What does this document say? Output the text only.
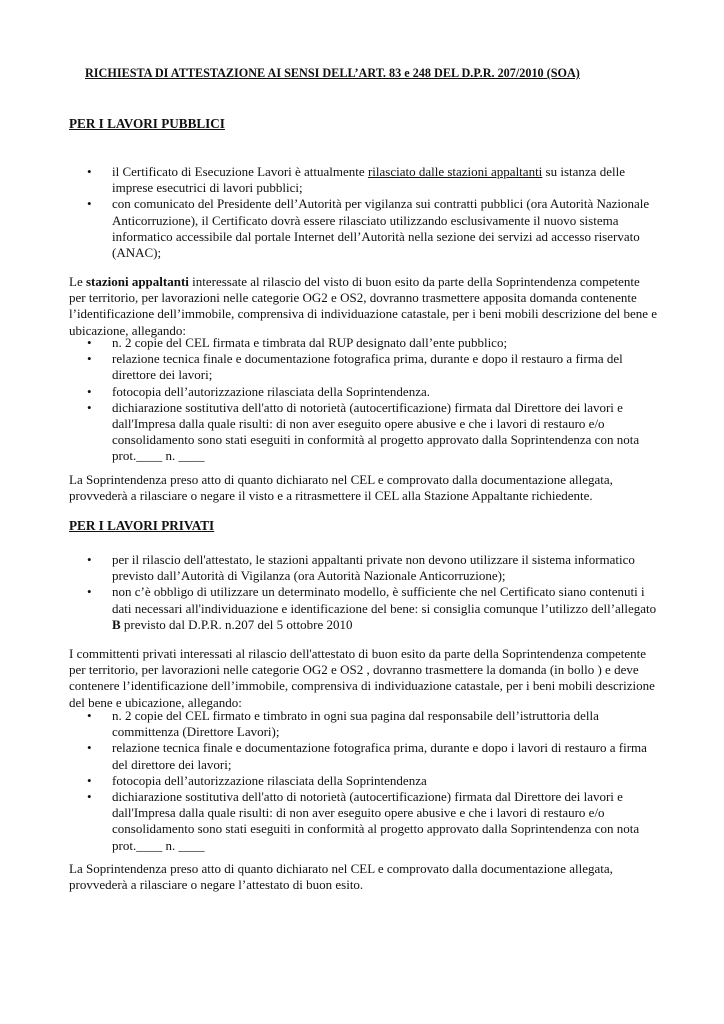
RICHIESTA DI ATTESTAZIONE AI SENSI DELL’ART. 83 e 248 DEL D.P.R. 207/2010 (SOA)
PER I LAVORI PUBBLICI
• il Certificato di Esecuzione Lavori è attualmente rilasciato dalle stazioni appaltanti su istanza delle imprese esecutrici di lavori pubblici;
• con comunicato del Presidente dell’Autorità per vigilanza sui contratti pubblici (ora Autorità Nazionale Anticorruzione), il Certificato dovrà essere rilasciato utilizzando esclusivamente il nuovo sistema informatico accessibile dal portale Internet dell’Autorità nella sezione dei servizi ad accesso riservato (ANAC);
Le stazioni appaltanti interessate al rilascio del visto di buon esito da parte della Soprintendenza competente per territorio, per lavorazioni nelle categorie OG2 e OS2, dovranno trasmettere apposita domanda contenente l’identificazione dell’immobile, comprensiva di individuazione catastale, per i beni mobili descrizione del bene e ubicazione, allegando:
• n. 2 copie del CEL firmata e timbrata dal RUP designato dall’ente pubblico;
• relazione tecnica finale e documentazione fotografica prima, durante e dopo il restauro a firma del direttore dei lavori;
• fotocopia dell’autorizzazione rilasciata della Soprintendenza.
• dichiarazione sostitutiva dell'atto di notorietà (autocertificazione) firmata dal Direttore dei lavori e dall'Impresa dalla quale risulti: di non aver eseguito opere abusive e che i lavori di restauro e/o consolidamento sono stati eseguiti in conformità al progetto approvato dalla Soprintendenza con nota prot.____ n. ____
La Soprintendenza preso atto di quanto dichiarato nel CEL e comprovato dalla documentazione allegata, provvederà a rilasciare o negare il visto e a ritrasmettere il CEL alla Stazione Appaltante richiedente.
PER I LAVORI PRIVATI
• per il rilascio dell'attestato, le stazioni appaltanti private non devono utilizzare il sistema informatico previsto dall’Autorità di Vigilanza (ora Autorità Nazionale Anticorruzione);
• non c’è obbligo di utilizzare un determinato modello, è sufficiente che nel Certificato siano contenuti i dati necessari all'individuazione e identificazione del bene: si consiglia comunque l’utilizzo dell’allegato B previsto dal D.P.R. n.207 del 5 ottobre 2010
I committenti privati interessati al rilascio dell'attestato di buon esito da parte della Soprintendenza competente per territorio, per lavorazioni nelle categorie OG2 e OS2 , dovranno trasmettere la domanda (in bollo ) e deve contenere l’identificazione dell’immobile, comprensiva di individuazione catastale, per i beni mobili descrizione del bene e ubicazione, allegando:
• n. 2 copie del CEL firmato e timbrato in ogni sua pagina dal responsabile dell’istruttoria della committenza (Direttore Lavori);
• relazione tecnica finale e documentazione fotografica prima, durante e dopo i lavori di restauro a firma del direttore dei lavori;
• fotocopia dell’autorizzazione rilasciata della Soprintendenza
• dichiarazione sostitutiva dell'atto di notorietà (autocertificazione) firmata dal Direttore dei lavori e dall'Impresa dalla quale risulti: di non aver eseguito opere abusive e che i lavori di restauro e/o consolidamento sono stati eseguiti in conformità al progetto approvato dalla Soprintendenza con nota prot.____ n. ____
La Soprintendenza preso atto di quanto dichiarato nel CEL e comprovato dalla documentazione allegata, provvederà a rilasciare o negare l’attestato di buon esito.
